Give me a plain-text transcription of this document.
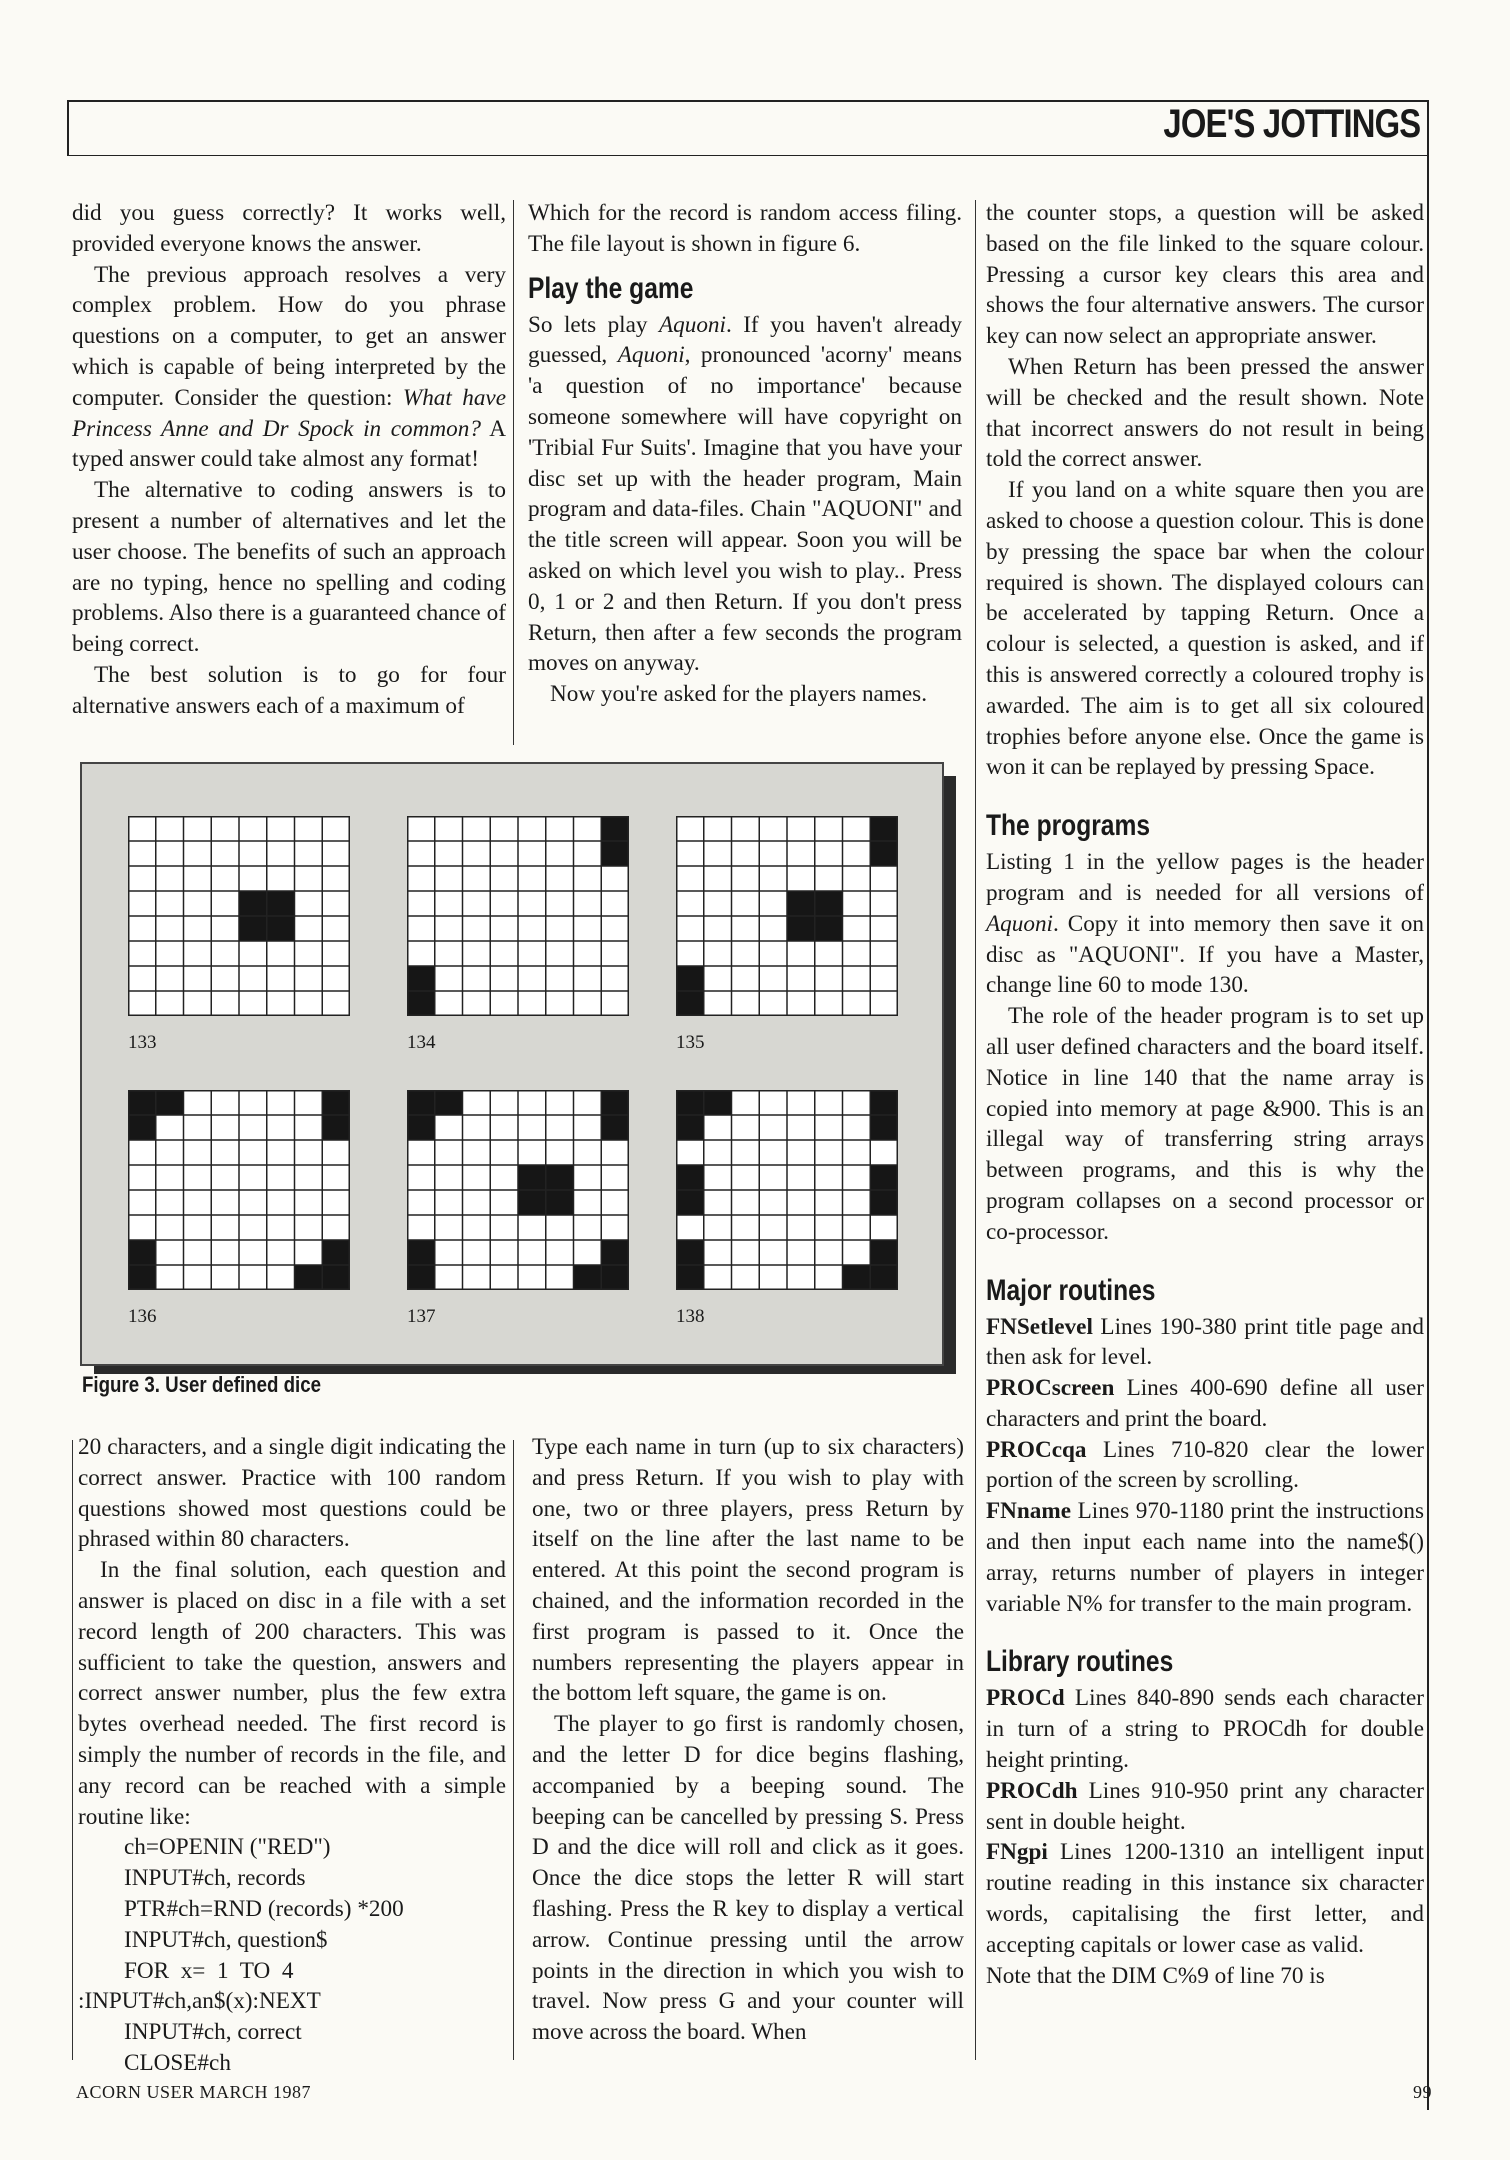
JOE'S JOTTINGS

did you guess correctly? It works well, provided everyone knows the answer.

The previous approach resolves a very complex problem. How do you phrase questions on a computer, to get an answer which is capable of being interpreted by the computer. Consider the question: What have Princess Anne and Dr Spock in common? A typed answer could take almost any format!

The alternative to coding answers is to present a number of alternatives and let the user choose. The benefits of such an approach are no typing, hence no spelling and coding problems. Also there is a guaranteed chance of being correct.

The best solution is to go for four alternative answers each of a maximum of

Which for the record is random access filing. The file layout is shown in figure 6.

Play the game

So lets play Aquoni. If you haven't already guessed, Aquoni, pronounced 'acorny' means 'a question of no importance' because someone somewhere will have copyright on 'Tribial Fur Suits'. Imagine that you have your disc set up with the header program, Main program and data-files. Chain "AQUONI" and the title screen will appear. Soon you will be asked on which level you wish to play.. Press 0, 1 or 2 and then Return. If you don't press Return, then after a few seconds the program moves on anyway.

Now you're asked for the players names.

133	134	135
136	137	138
Figure 3. User defined dice

20 characters, and a single digit indicating the correct answer. Practice with 100 random questions showed most questions could be phrased within 80 characters.

In the final solution, each question and answer is placed on disc in a file with a set record length of 200 characters. This was sufficient to take the question, answers and correct answer number, plus the few extra bytes overhead needed. The first record is simply the number of records in the file, and any record can be reached with a simple routine like:

ch=OPENIN ("RED")
INPUT#ch, records
PTR#ch=RND (records) *200
INPUT#ch, question$
FOR  x=  1  TO  4
:INPUT#ch,an$(x):NEXT
INPUT#ch, correct
CLOSE#ch

Type each name in turn (up to six characters) and press Return. If you wish to play with one, two or three players, press Return by itself on the line after the last name to be entered. At this point the second program is chained, and the information recorded in the first program is passed to it. Once the numbers representing the players appear in the bottom left square, the game is on.

The player to go first is randomly chosen, and the letter D for dice begins flashing, accompanied by a beeping sound. The beeping can be cancelled by pressing S. Press D and the dice will roll and click as it goes. Once the dice stops the letter R will start flashing. Press the R key to display a vertical arrow. Continue pressing until the arrow points in the direction in which you wish to travel. Now press G and your counter will move across the board. When

the counter stops, a question will be asked based on the file linked to the square colour. Pressing a cursor key clears this area and shows the four alternative answers. The cursor key can now select an appropriate answer.

When Return has been pressed the answer will be checked and the result shown. Note that incorrect answers do not result in being told the correct answer.

If you land on a white square then you are asked to choose a question colour. This is done by pressing the space bar when the colour required is shown. The displayed colours can be accelerated by tapping Return. Once a colour is selected, a question is asked, and if this is answered correctly a coloured trophy is awarded. The aim is to get all six coloured trophies before anyone else. Once the game is won it can be replayed by pressing Space.

The programs

Listing 1 in the yellow pages is the header program and is needed for all versions of Aquoni. Copy it into memory then save it on disc as "AQUONI". If you have a Master, change line 60 to mode 130.

The role of the header program is to set up all user defined characters and the board itself. Notice in line 140 that the name array is copied into memory at page &900. This is an illegal way of transferring string arrays between programs, and this is why the program collapses on a second processor or co-processor.

Major routines

FNSetlevel Lines 190-380 print title page and then ask for level.

PROCscreen Lines 400-690 define all user characters and print the board.

PROCcqa Lines 710-820 clear the lower portion of the screen by scrolling.

FNname Lines 970-1180 print the instructions and then input each name into the name$() array, returns number of players in integer variable N% for transfer to the main program.

Library routines

PROCd Lines 840-890 sends each character in turn of a string to PROCdh for double height printing.

PROCdh Lines 910-950 print any character sent in double height.

FNgpi Lines 1200-1310 an intelligent input routine reading in this instance six character words, capitalising the first letter, and accepting capitals or lower case as valid.

Note that the DIM C%9 of line 70 is

ACORN USER MARCH 1987	99
